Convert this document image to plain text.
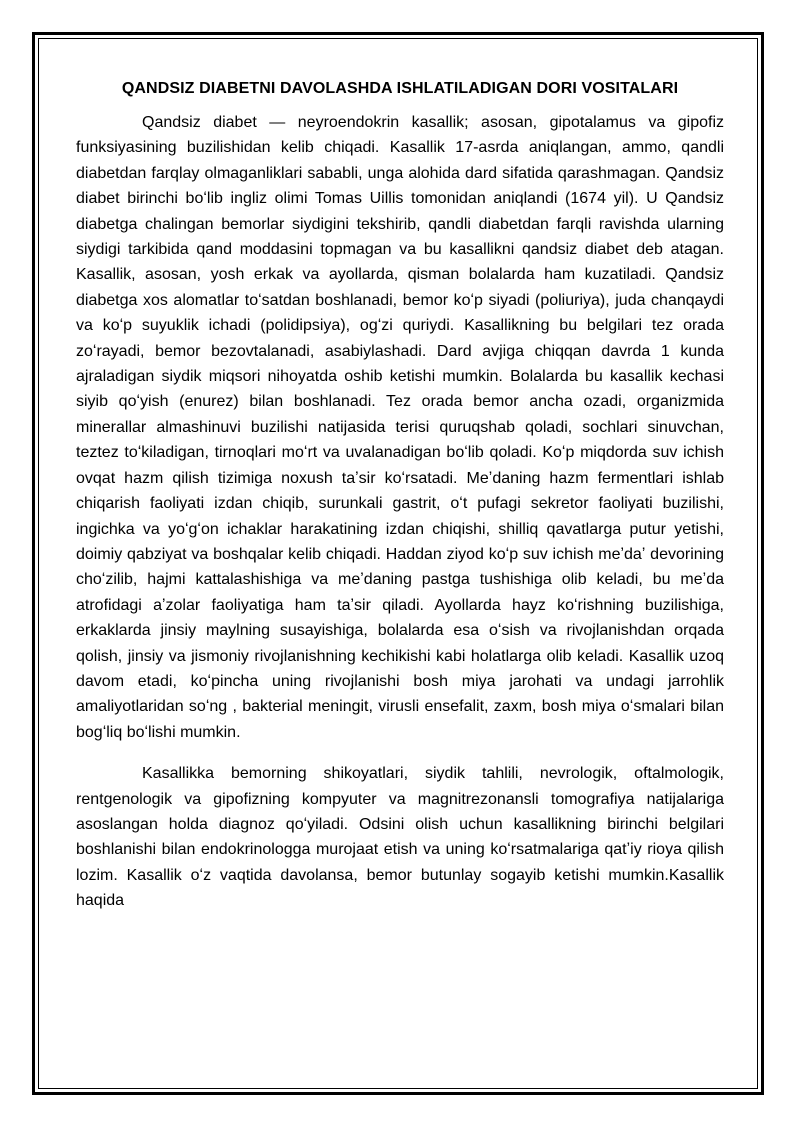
QANDSIZ DIABETNI DAVOLASHDA ISHLATILADIGAN DORI VOSITALARI

Qandsiz diabet — neyroendokrin kasallik; asosan, gipotalamus va gipofiz funksiyasining buzilishidan kelib chiqadi. Kasallik 17-asrda aniqlangan, ammo, qandli diabetdan farqlay olmaganliklari sababli, unga alohida dard sifatida qarashmagan. Qandsiz diabet birinchi boʻlib ingliz olimi Tomas Uillis tomonidan aniqlandi (1674 yil). U Qandsiz diabetga chalingan bemorlar siydigini tekshirib, qandli diabetdan farqli ravishda ularning siydigi tarkibida qand moddasini topmagan va bu kasallikni qandsiz diabet deb atagan. Kasallik, asosan, yosh erkak va ayollarda, qisman bolalarda ham kuzatiladi. Qandsiz diabetga xos alomatlar toʻsatdan boshlanadi, bemor koʻp siyadi (poliuriya), juda chanqaydi va koʻp suyuklik ichadi (polidipsiya), ogʻzi quriydi. Kasallikning bu belgilari tez orada zoʻrayadi, bemor bezovtalanadi, asabiylashadi. Dard avjiga chiqqan davrda 1 kunda ajraladigan siydik miqsori nihoyatda oshib ketishi mumkin. Bolalarda bu kasallik kechasi siyib qoʻyish (enurez) bilan boshlanadi. Tez orada bemor ancha ozadi, organizmida minerallar almashinuvi buzilishi natijasida terisi quruqshab qoladi, sochlari sinuvchan, teztez toʻkiladigan, tirnoqlari moʻrt va uvalanadigan boʻlib qoladi. Koʻp miqdorda suv ichish ovqat hazm qilish tizimiga noxush taʼsir koʻrsatadi. Meʼdaning hazm fermentlari ishlab chiqarish faoliyati izdan chiqib, surunkali gastrit, oʻt pufagi sekretor faoliyati buzilishi, ingichka va yoʻgʻon ichaklar harakatining izdan chiqishi, shilliq qavatlarga putur yetishi, doimiy qabziyat va boshqalar kelib chiqadi. Haddan ziyod koʻp suv ichish meʼdaʼ devorining choʻzilib, hajmi kattalashishiga va meʼdaning pastga tushishiga olib keladi, bu meʼda atrofidagi aʼzolar faoliyatiga ham taʼsir qiladi. Ayollarda hayz koʻrishning buzilishiga, erkaklarda jinsiy maylning susayishiga, bolalarda esa oʻsish va rivojlanishdan orqada qolish, jinsiy va jismoniy rivojlanishning kechikishi kabi holatlarga olib keladi. Kasallik uzoq davom etadi, koʻpincha uning rivojlanishi bosh miya jarohati va undagi jarrohlik amaliyotlaridan soʻng , bakterial meningit, virusli ensefalit, zaxm, bosh miya oʻsmalari bilan bogʻliq boʻlishi mumkin.

Kasallikka bemorning shikoyatlari, siydik tahlili, nevrologik, oftalmologik, rentgenologik va gipofizning kompyuter va magnitrezonansli tomografiya natijalariga asoslangan holda diagnoz qoʻyiladi. Odsini olish uchun kasallikning birinchi belgilari boshlanishi bilan endokrinologga murojaat etish va uning koʻrsatmalariga qatʼiy rioya qilish lozim. Kasallik oʻz vaqtida davolansa, bemor butunlay sogayib ketishi mumkin.Kasallik haqida
